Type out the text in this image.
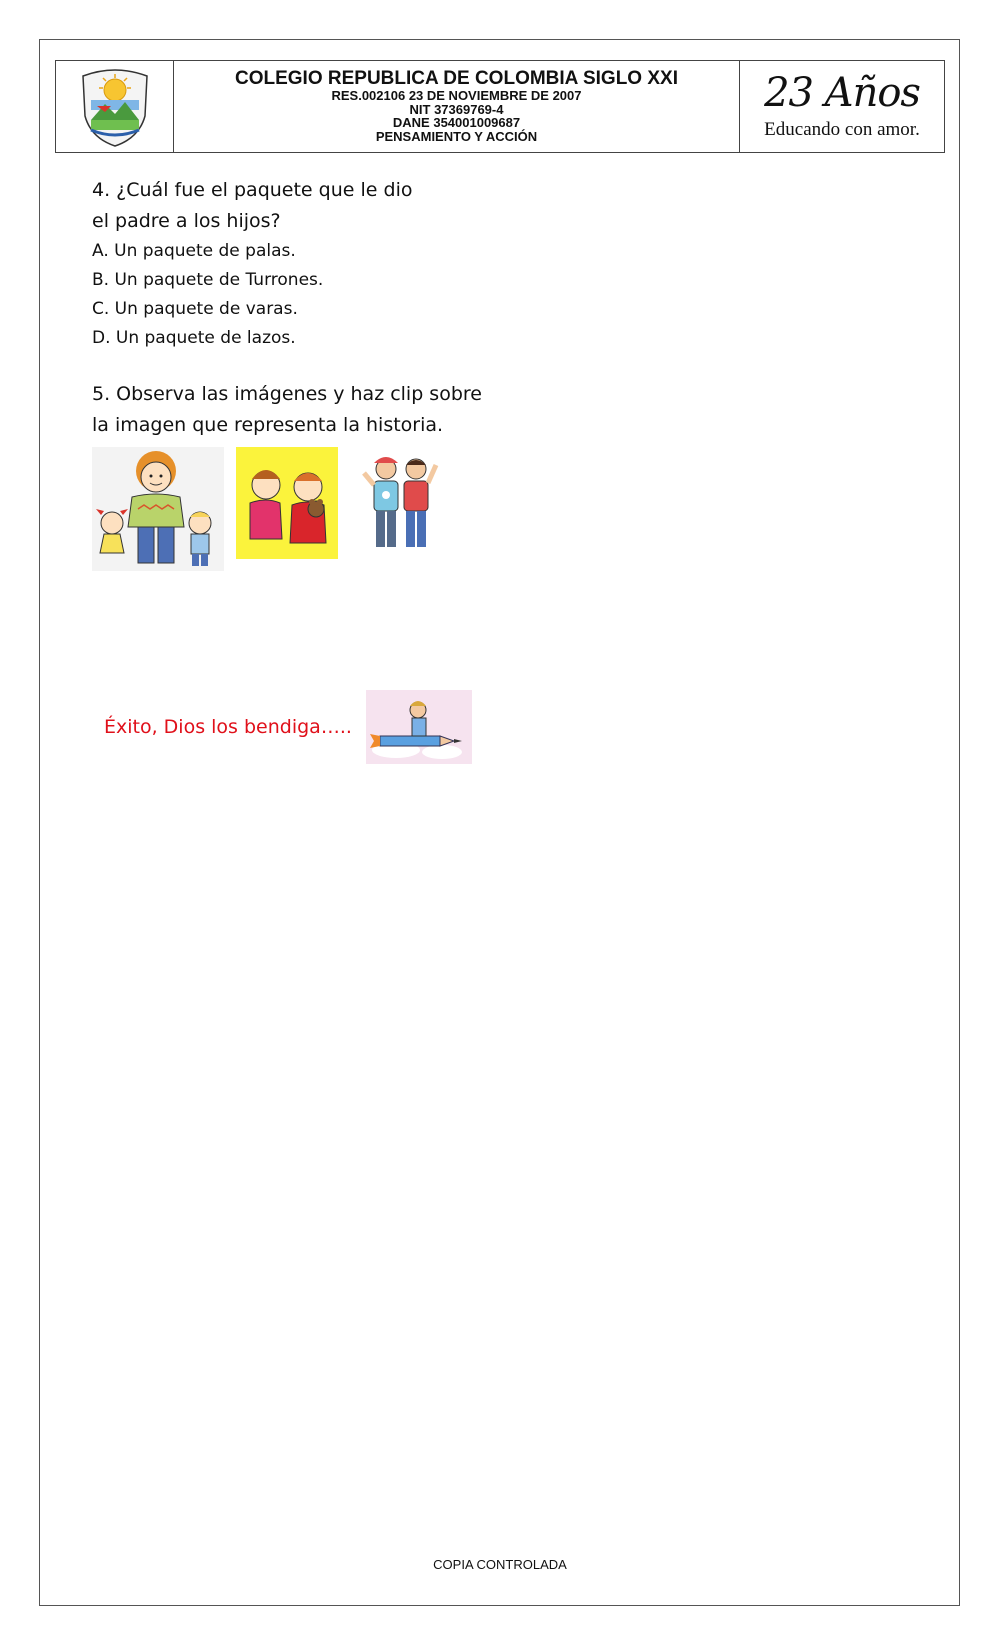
COLEGIO REPUBLICA DE COLOMBIA SIGLO XXI
RES.002106 23 DE NOVIEMBRE DE 2007
NIT 37369769-4
DANE 354001009687
PENSAMIENTO Y ACCIÓN
23 Años
Educando con amor.
4. ¿Cuál fue el paquete que le dio el padre a los hijos?
A. Un paquete de palas.
B. Un paquete de Turrones.
C. Un paquete de varas.
D. Un paquete de lazos.
5. Observa las imágenes y haz clip sobre la imagen que representa la historia.
Éxito, Dios los bendiga…..
COPIA CONTROLADA
